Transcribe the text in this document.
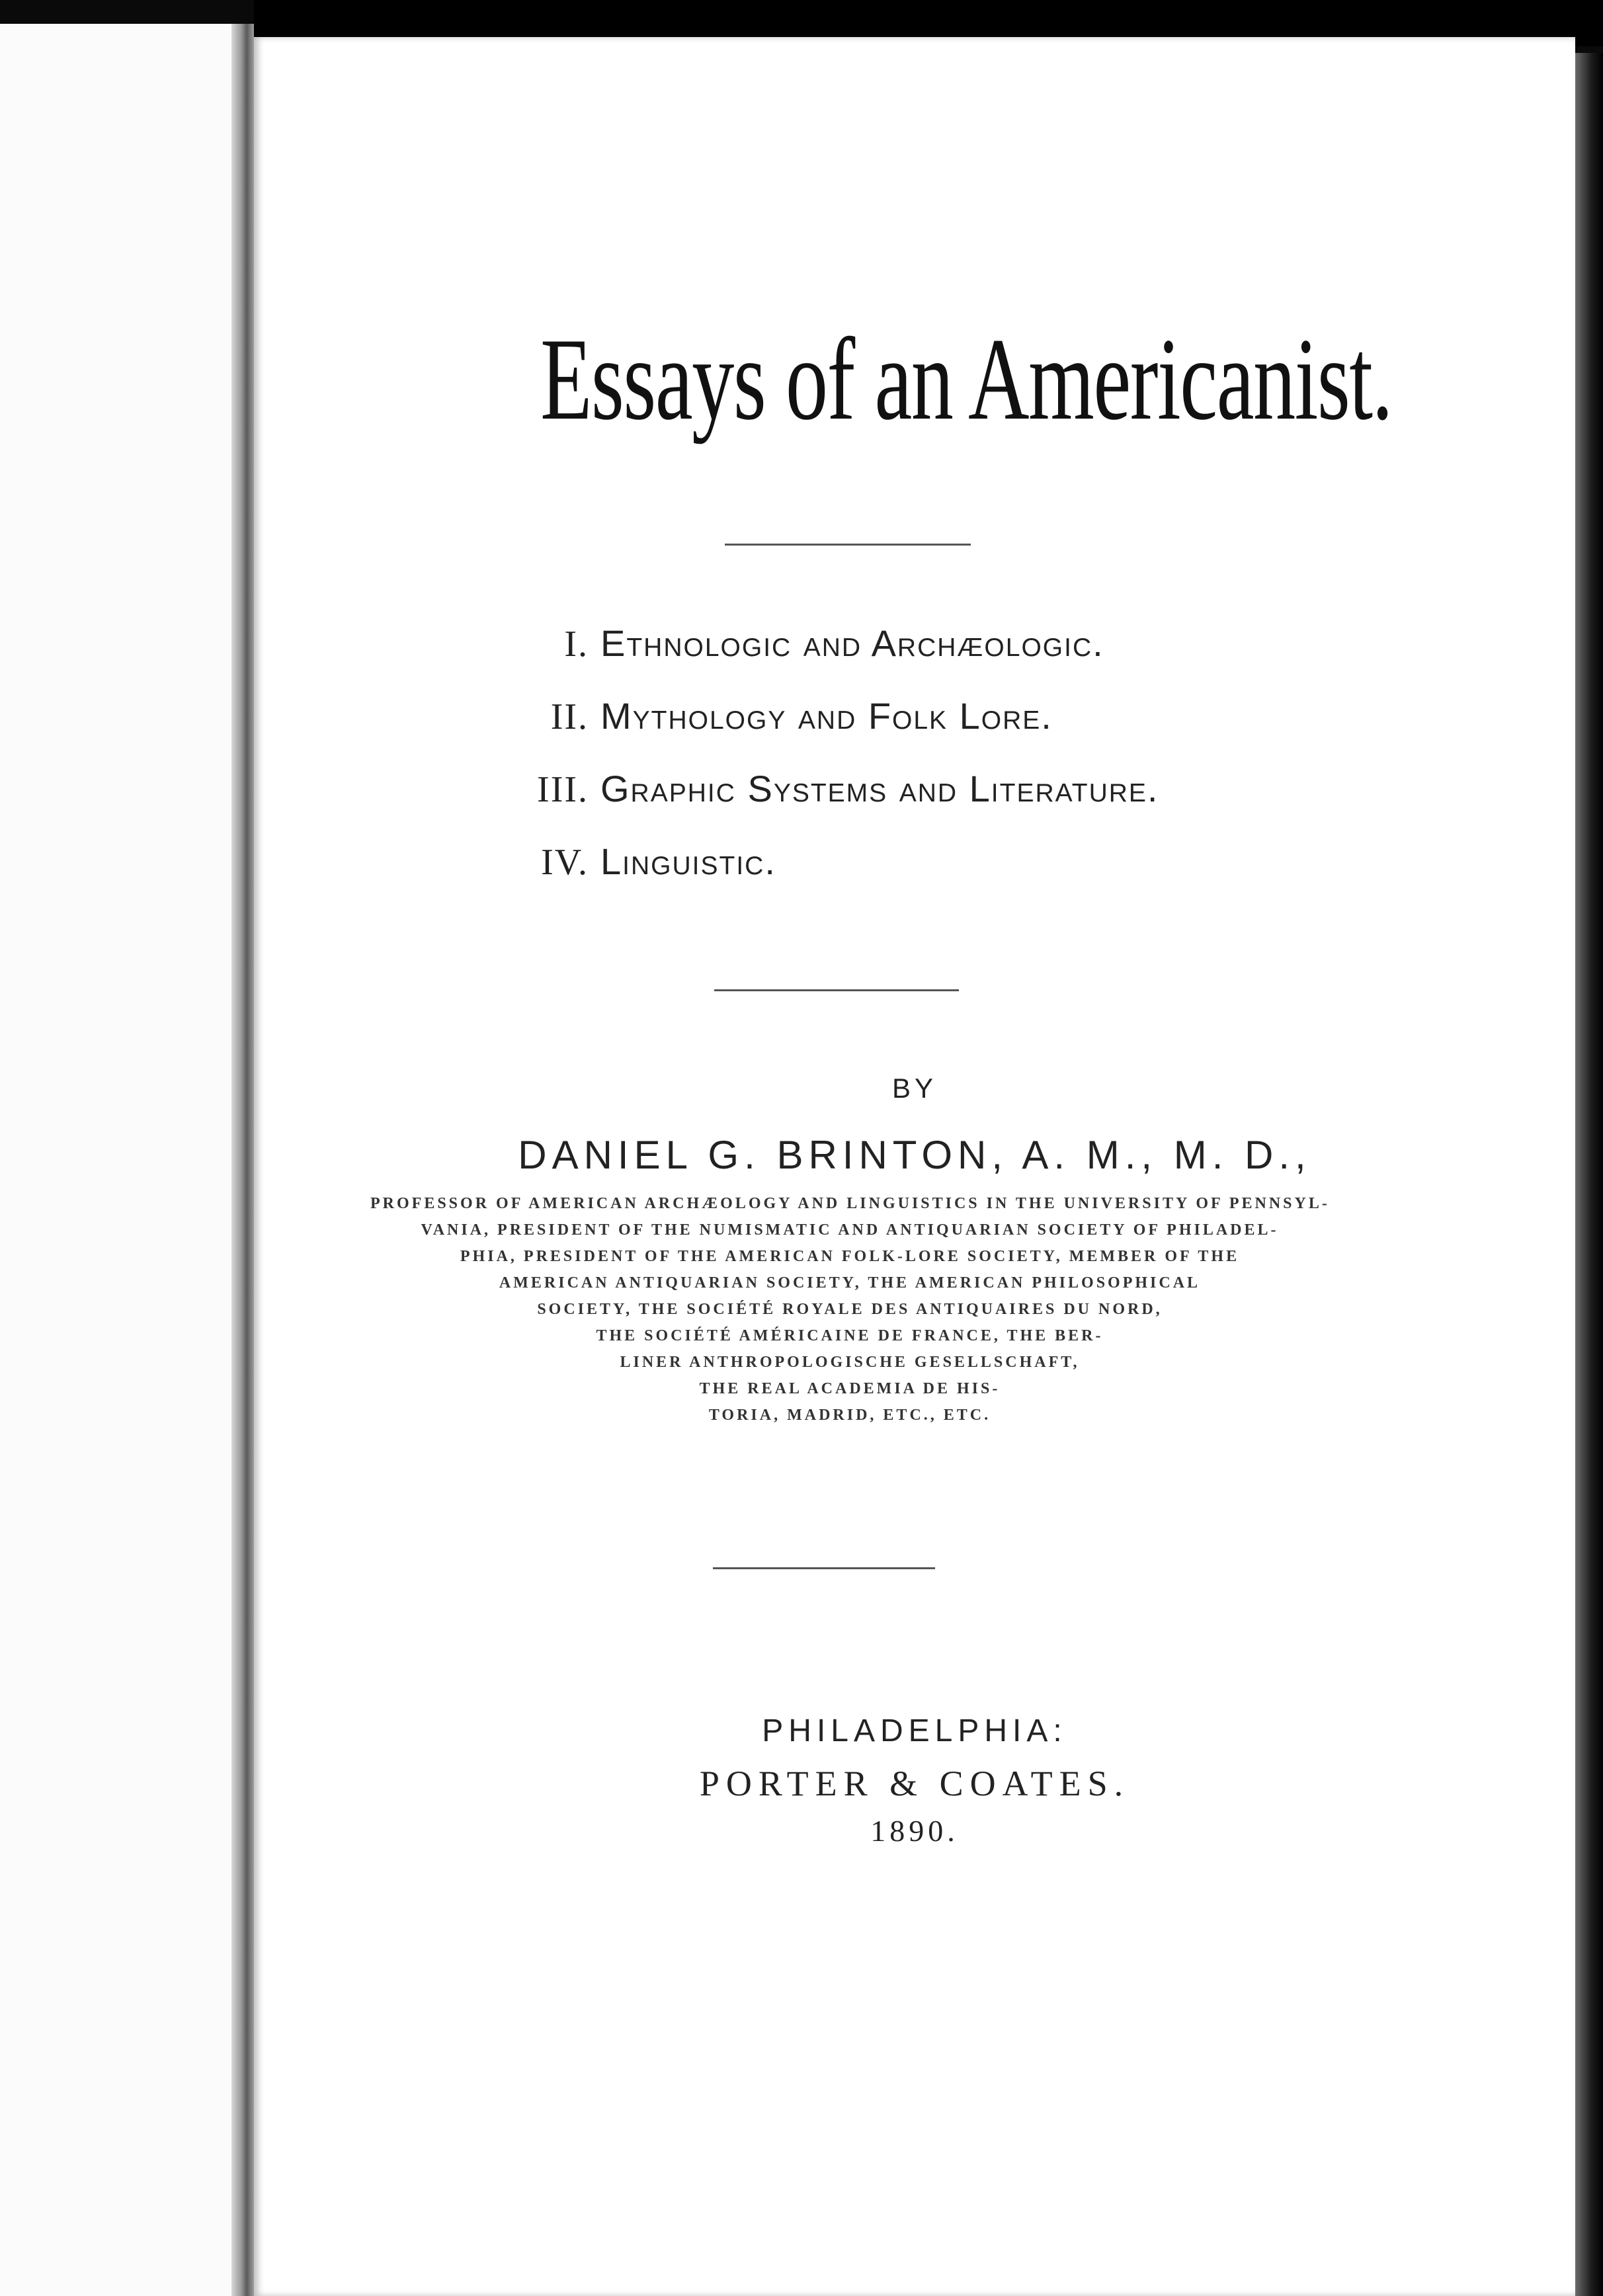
Essays of an Americanist.
I. Ethnologic and Archæologic.
II. Mythology and Folk Lore.
III. Graphic Systems and Literature.
IV. Linguistic.
BY
DANIEL G. BRINTON, A. M., M. D.,

PROFESSOR OF AMERICAN ARCHÆOLOGY AND LINGUISTICS IN THE UNIVERSITY OF PENNSYL-
VANIA, PRESIDENT OF THE NUMISMATIC AND ANTIQUARIAN SOCIETY OF PHILADEL-
PHIA, PRESIDENT OF THE AMERICAN FOLK-LORE SOCIETY, MEMBER OF THE
AMERICAN ANTIQUARIAN SOCIETY, THE AMERICAN PHILOSOPHICAL
SOCIETY, THE SOCIÉTÉ ROYALE DES ANTIQUAIRES DU NORD,
THE SOCIÉTÉ AMÉRICAINE DE FRANCE, THE BER-
LINER ANTHROPOLOGISCHE GESELLSCHAFT,
THE REAL ACADEMIA DE HIS-
TORIA, MADRID, ETC., ETC.

PHILADELPHIA:
PORTER & COATES.
1890.
